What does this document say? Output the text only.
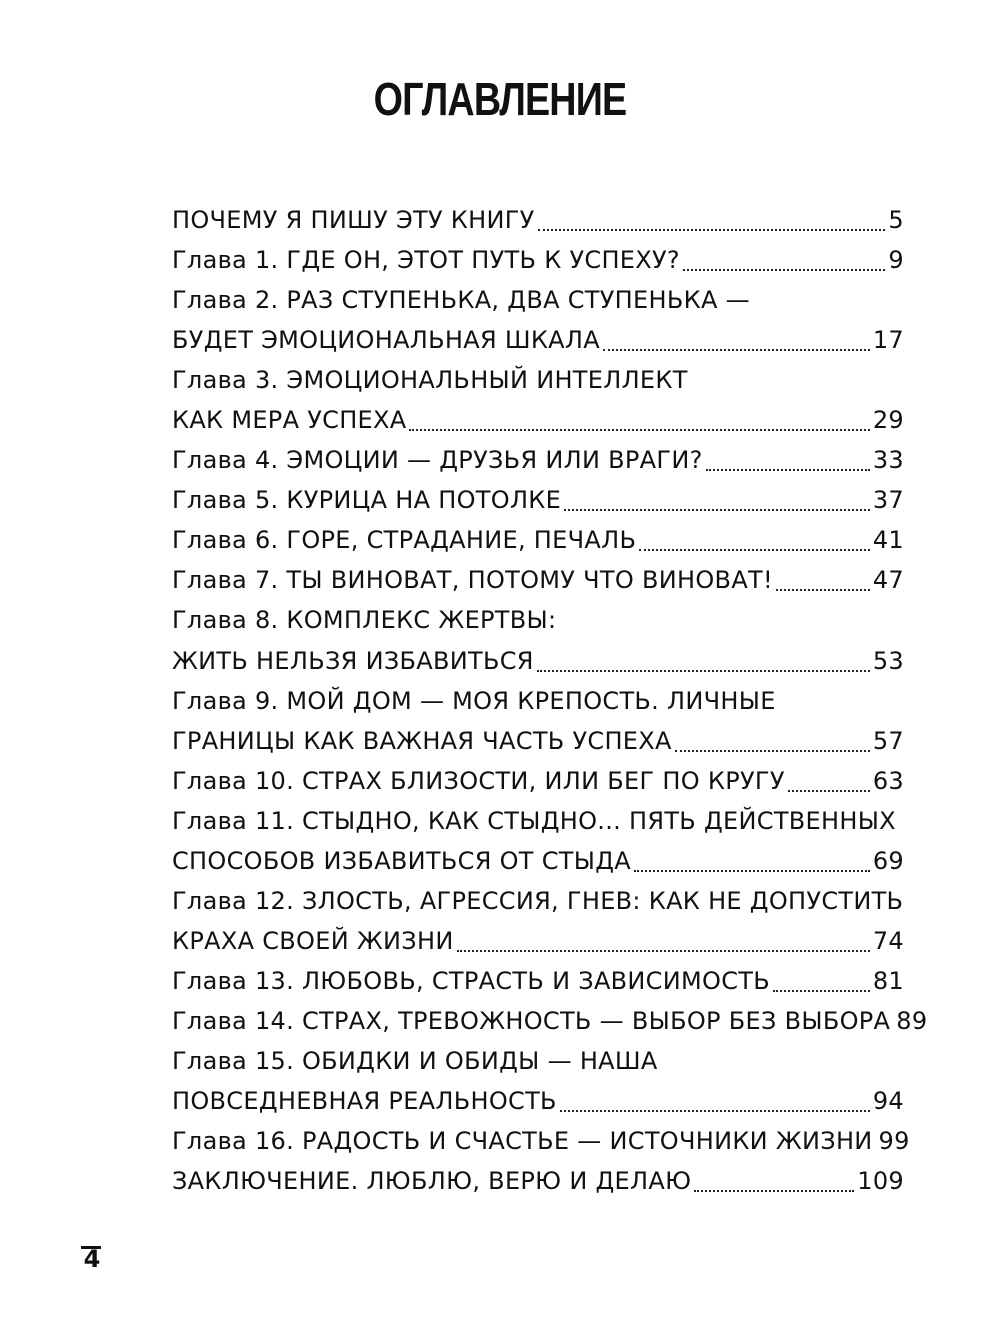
ОГЛАВЛЕНИЕ
ПОЧЕМУ Я ПИШУ ЭТУ КНИГУ	5
Глава 1. ГДЕ ОН, ЭТОТ ПУТЬ К УСПЕХУ?	9
Глава 2. РАЗ СТУПЕНЬКА, ДВА СТУПЕНЬКА —
БУДЕТ ЭМОЦИОНАЛЬНАЯ ШКАЛА	17
Глава 3. ЭМОЦИОНАЛЬНЫЙ ИНТЕЛЛЕКТ
КАК МЕРА УСПЕХА	29
Глава 4. ЭМОЦИИ — ДРУЗЬЯ ИЛИ ВРАГИ?	33
Глава 5. КУРИЦА НА ПОТОЛКЕ	37
Глава 6. ГОРЕ, СТРАДАНИЕ, ПЕЧАЛЬ	41
Глава 7. ТЫ ВИНОВАТ, ПОТОМУ ЧТО ВИНОВАТ!	47
Глава 8. КОМПЛЕКС ЖЕРТВЫ:
ЖИТЬ НЕЛЬЗЯ ИЗБАВИТЬСЯ	53
Глава 9. МОЙ ДОМ — МОЯ КРЕПОСТЬ. ЛИЧНЫЕ
ГРАНИЦЫ КАК ВАЖНАЯ ЧАСТЬ УСПЕХА	57
Глава 10. СТРАХ БЛИЗОСТИ, ИЛИ БЕГ ПО КРУГУ	63
Глава 11. СТЫДНО, КАК СТЫДНО... ПЯТЬ ДЕЙСТВЕННЫХ
СПОСОБОВ ИЗБАВИТЬСЯ ОТ СТЫДА	69
Глава 12. ЗЛОСТЬ, АГРЕССИЯ, ГНЕВ: КАК НЕ ДОПУСТИТЬ
КРАХА СВОЕЙ ЖИЗНИ	74
Глава 13. ЛЮБОВЬ, СТРАСТЬ И ЗАВИСИМОСТЬ	81
Глава 14. СТРАХ, ТРЕВОЖНОСТЬ — ВЫБОР БЕЗ ВЫБОРА 89
Глава 15. ОБИДКИ И ОБИДЫ — НАША
ПОВСЕДНЕВНАЯ РЕАЛЬНОСТЬ	94
Глава 16. РАДОСТЬ И СЧАСТЬЕ — ИСТОЧНИКИ ЖИЗНИ 99
ЗАКЛЮЧЕНИЕ. ЛЮБЛЮ, ВЕРЮ И ДЕЛАЮ	109
4
